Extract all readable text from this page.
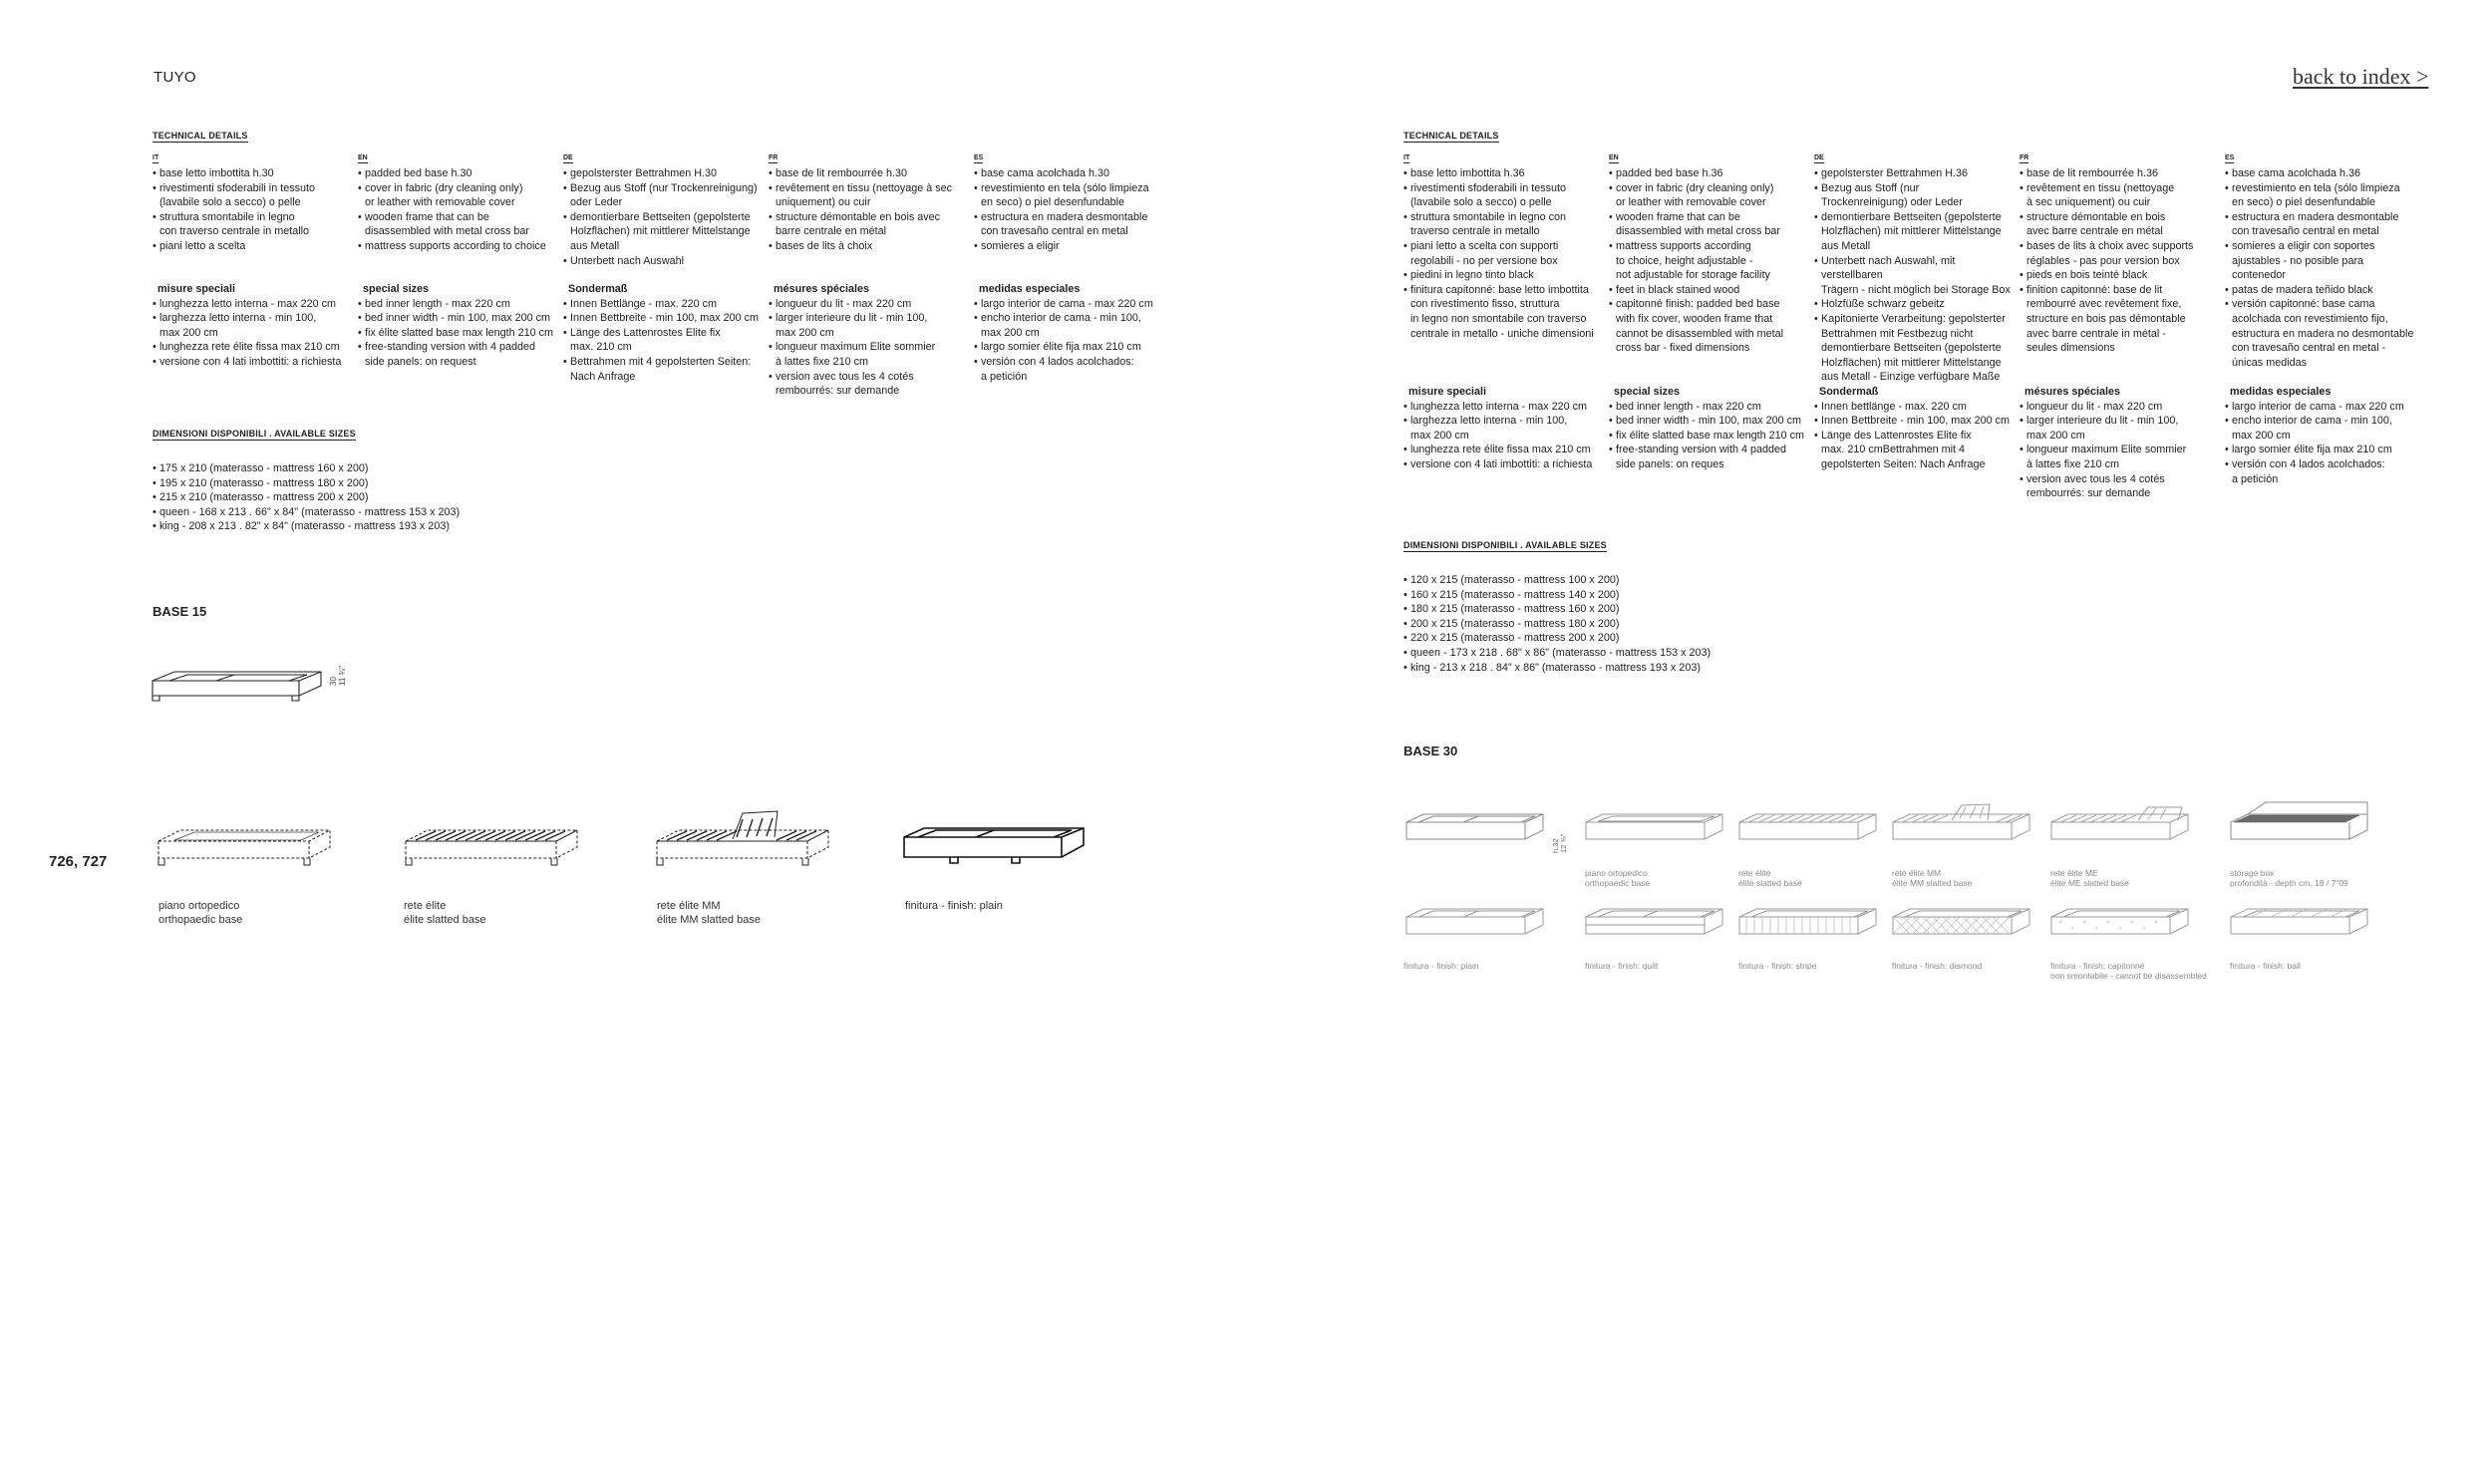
TUYO	back to index >
TECHNICAL DETAILS
IT
• base letto imbottita h.30
• rivestimenti sfoderabili in tessuto
(lavabile solo a secco) o pelle
• struttura smontabile in legno
con traverso centrale in metallo
• piani letto a scelta
misure speciali
• lunghezza letto interna - max 220 cm
• larghezza letto interna - min 100,
max 200 cm
• lunghezza rete élite fissa max 210 cm
• versione con 4 lati imbottiti: a richiesta
EN
• padded bed base h.30
• cover in fabric (dry cleaning only)
or leather with removable cover
• wooden frame that can be
disassembled with metal cross bar
• mattress supports according to choice
special sizes
• bed inner length - max 220 cm
• bed inner width - min 100, max 200 cm
• fix élite slatted base max length 210 cm
• free-standing version with 4 padded
side panels: on request
DE
• gepolsterster Bettrahmen H.30
• Bezug aus Stoff (nur Trockenreinigung)
oder Leder
• demontierbare Bettseiten (gepolsterte
Holzflächen) mit mittlerer Mittelstange
aus Metall
• Unterbett nach Auswahl
Sondermaß
• Innen Bettlänge - max. 220 cm
• Innen Bettbreite - min 100, max 200 cm
• Länge des Lattenrostes Elite fix
max. 210 cm
• Bettrahmen mit 4 gepolsterten Seiten:
Nach Anfrage
FR
• base de lit rembourrée h.30
• revêtement en tissu (nettoyage à sec
uniquement) ou cuir
• structure démontable en bois avec
barre centrale en métal
• bases de lits à choix
mésures spéciales
• longueur du lit - max 220 cm
• larger interieure du lit - min 100,
max 200 cm
• longueur maximum Elite sommier
à lattes fixe 210 cm
• version avec tous les 4 cotés
rembourrés: sur demande
ES
• base cama acolchada h.30
• revestimiento en tela (sólo limpieza
en seco) o piel desenfundable
• estructura en madera desmontable
con travesaño central en metal
• somieres a eligir
medidas especiales
• largo interior de cama - max 220 cm
• encho interior de cama - min 100,
max 200 cm
• largo somier élite fija max 210 cm
• versión con 4 lados acolchados:
a petición
DIMENSIONI DISPONIBILI . AVAILABLE SIZES
• 175 x 210 (materasso - mattress 160 x 200)
• 195 x 210 (materasso - mattress 180 x 200)
• 215 x 210 (materasso - mattress 200 x 200)
• queen - 168 x 213 . 66" x 84" (materasso - mattress 153 x 203)
• king - 208 x 213 . 82" x 84" (materasso - mattress 193 x 203)
BASE 15
30
11 ¾"
726, 727
piano ortopedico
orthopaedic base
rete élite
élite slatted base
rete élite MM
élite MM slatted base
finitura - finish: plain
TECHNICAL DETAILS
IT
• base letto imbottita h.36
• rivestimenti sfoderabili in tessuto
(lavabile solo a secco) o pelle
• struttura smontabile in legno con
traverso centrale in metallo
• piani letto a scelta con supporti
regolabili - no per versione box
• piedini in legno tinto black
• finitura capitonné: base letto imbottita
con rivestimento fisso, struttura
in legno non smontabile con traverso
centrale in metallo - uniche dimensioni
misure speciali
• lunghezza letto interna - max 220 cm
• larghezza letto interna - min 100,
max 200 cm
• lunghezza rete élite fissa max 210 cm
• versione con 4 lati imbottiti: a richiesta
EN
• padded bed base h.36
• cover in fabric (dry cleaning only)
or leather with removable cover
• wooden frame that can be
disassembled with metal cross bar
• mattress supports according
to choice, height adjustable -
not adjustable for storage facility
• feet in black stained wood
• capitonné finish: padded bed base
with fix cover, wooden frame that
cannot be disassembled with metal
cross bar - fixed dimensions
special sizes
• bed inner length - max 220 cm
• bed inner width - min 100, max 200 cm
• fix élite slatted base max length 210 cm
• free-standing version with 4 padded
side panels: on reques
DE
• gepolsterster Bettrahmen H.36
• Bezug aus Stoff (nur
Trockenreinigung) oder Leder
• demontierbare Bettseiten (gepolsterte
Holzflächen) mit mittlerer Mittelstange
aus Metall
• Unterbett nach Auswahl, mit verstellbaren
Trägern - nicht möglich bei Storage Box
• Holzfüße schwarz gebeitz
• Kapitonierte Verarbeitung: gepolsterter
Bettrahmen mit Festbezug nicht
demontierbare Bettseiten (gepolsterte
Holzflächen) mit mittlerer Mittelstange
aus Metall - Einzige verfügbare Maße
Sondermaß
• Innen bettlänge - max. 220 cm
• Innen Bettbreite - min 100, max 200 cm
• Länge des Lattenrostes Elite fix
max. 210 cmBettrahmen mit 4
gepolsterten Seiten: Nach Anfrage
FR
• base de lit rembourrée h.36
• revêtement en tissu (nettoyage
à sec uniquement) ou cuir
• structure démontable en bois
avec barre centrale en métal
• bases de lits à choix avec supports
réglables - pas pour version box
• pieds en bois teinté black
• finition capitonné: base de lit
rembourré avec revêtement fixe,
structure en bois pas démontable
avec barre centrale in métal -
seules dimensions
mésures spéciales
• longueur du lit - max 220 cm
• larger interieure du lit - min 100,
max 200 cm
• longueur maximum Elite sommier
à lattes fixe 210 cm
• version avec tous les 4 cotés
rembourrés: sur demande
ES
• base cama acolchada h.36
• revestimiento en tela (sólo limpieza
en seco) o piel desenfundable
• estructura en madera desmontable
con travesaño central en metal
• somieres a eligir con soportes
ajustables - no posible para
contenedor
• patas de madera teñido black
• versión capitonné: base cama
acolchada con revestimiento fijo,
estructura en madera no desmontable
con travesaño central en metal -
únicas medidas
medidas especiales
• largo interior de cama - max 220 cm
• encho interior de cama - min 100,
max 200 cm
• largo somier élite fija max 210 cm
• versión con 4 lados acolchados:
a petición
DIMENSIONI DISPONIBILI . AVAILABLE SIZES
• 120 x 215 (materasso - mattress 100 x 200)
• 160 x 215 (materasso - mattress 140 x 200)
• 180 x 215 (materasso - mattress 160 x 200)
• 200 x 215 (materasso - mattress 180 x 200)
• 220 x 215 (materasso - mattress 200 x 200)
• queen - 173 x 218 . 68" x 86" (materasso - mattress 153 x 203)
• king - 213 x 218 . 84" x 86" (materasso - mattress 193 x 203)
BASE 30
h.32
12 ⅝"
piano ortopedico
orthopaedic base
rete élite
élite slatted base
rete élite MM
élite MM slatted base
rete élite ME
élite ME slatted base
storage box
profondità - depth cm. 18 / 7"09
finitura - finish: plain	finitura - finish: quilt	finitura - finish: stripe	finitura - finish: diamond	finitura - finish: capitonné
non smontabile - cannot be disassembled
finitura - finish: ball
